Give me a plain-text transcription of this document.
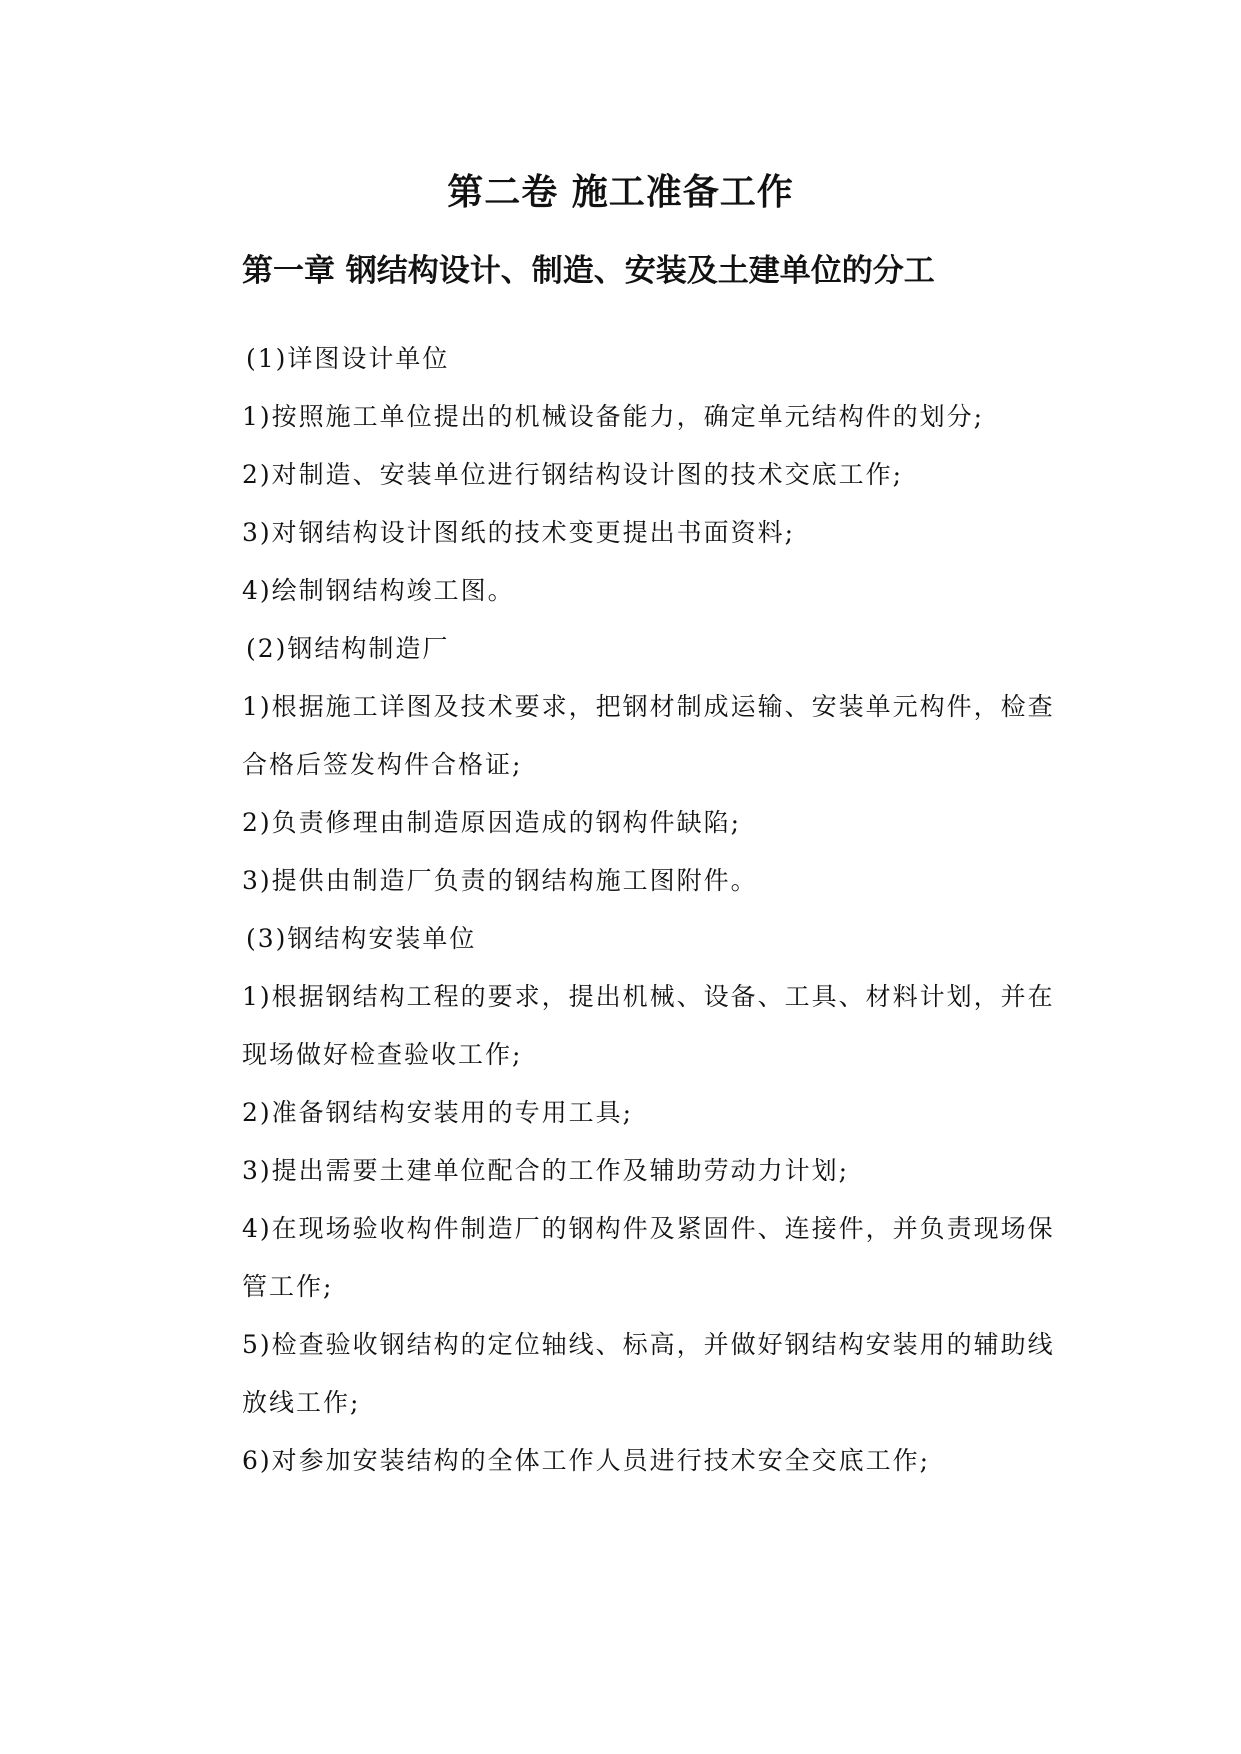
第二卷 施工准备工作
第一章 钢结构设计、制造、安装及土建单位的分工
(1)详图设计单位
1)按照施工单位提出的机械设备能力，确定单元结构件的划分;
2)对制造、安装单位进行钢结构设计图的技术交底工作;
3)对钢结构设计图纸的技术变更提出书面资料;
4)绘制钢结构竣工图。
(2)钢结构制造厂
1)根据施工详图及技术要求，把钢材制成运输、安装单元构件，检查
合格后签发构件合格证;
2)负责修理由制造原因造成的钢构件缺陷;
3)提供由制造厂负责的钢结构施工图附件。
(3)钢结构安装单位
1)根据钢结构工程的要求，提出机械、设备、工具、材料计划，并在
现场做好检查验收工作;
2)准备钢结构安装用的专用工具;
3)提出需要土建单位配合的工作及辅助劳动力计划;
4)在现场验收构件制造厂的钢构件及紧固件、连接件，并负责现场保
管工作;
5)检查验收钢结构的定位轴线、标高，并做好钢结构安装用的辅助线
放线工作;
6)对参加安装结构的全体工作人员进行技术安全交底工作;
